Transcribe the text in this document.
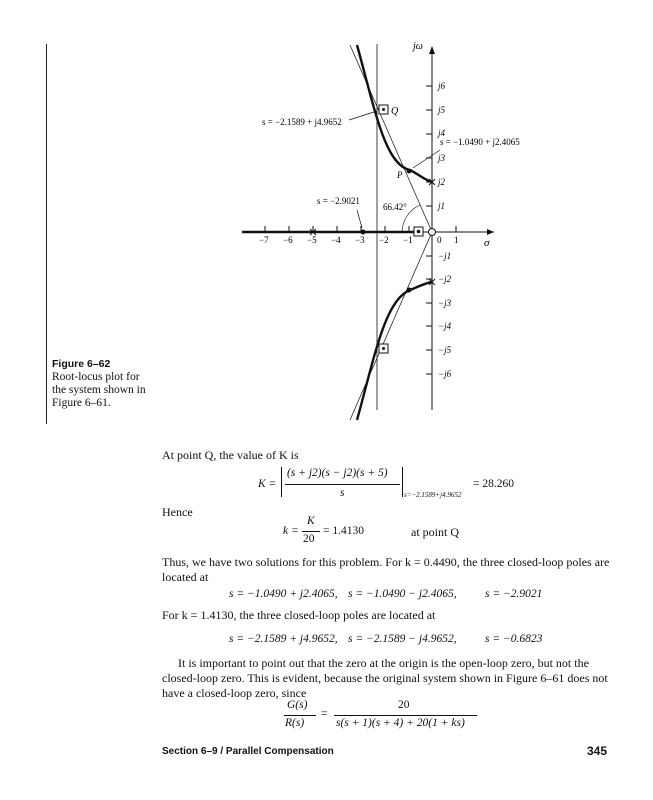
jω
σ
−7 −6 −5 −4 −3 −2 −1	0 1
j6
j5
j4
j3
j2
j1
−j1
−j2
−j3
−j4
−j5
−j6
Q
P
s = −2.1589 + j4.9652
s = −1.0490 + j2.4065
s = −2.9021
66.42°
Figure 6–62
Root-locus plot for
the system shown in
Figure 6–61.
At point Q, the value of K is
K =
(s + j2)(s − j2)(s + 5)
s	s=−2.1589+j4.9652
= 28.260
Hence
k =
K
20
= 1.4130	at point Q
Thus, we have two solutions for this problem. For k = 0.4490, the three closed-loop poles are
located at
s = −1.0490 + j2.4065, s = −1.0490 − j2.4065, s = −2.9021
For k = 1.4130, the three closed-loop poles are located at
s = −2.1589 + j4.9652, s = −2.1589 − j4.9652, s = −0.6823
It is important to point out that the zero at the origin is the open-loop zero, but not the
closed-loop zero. This is evident, because the original system shown in Figure 6–61 does not
have a closed-loop zero, since
G(s)
R(s)
=
20
s(s + 1)(s + 4) + 20(1 + ks)
Section 6–9 / Parallel Compensation	345
